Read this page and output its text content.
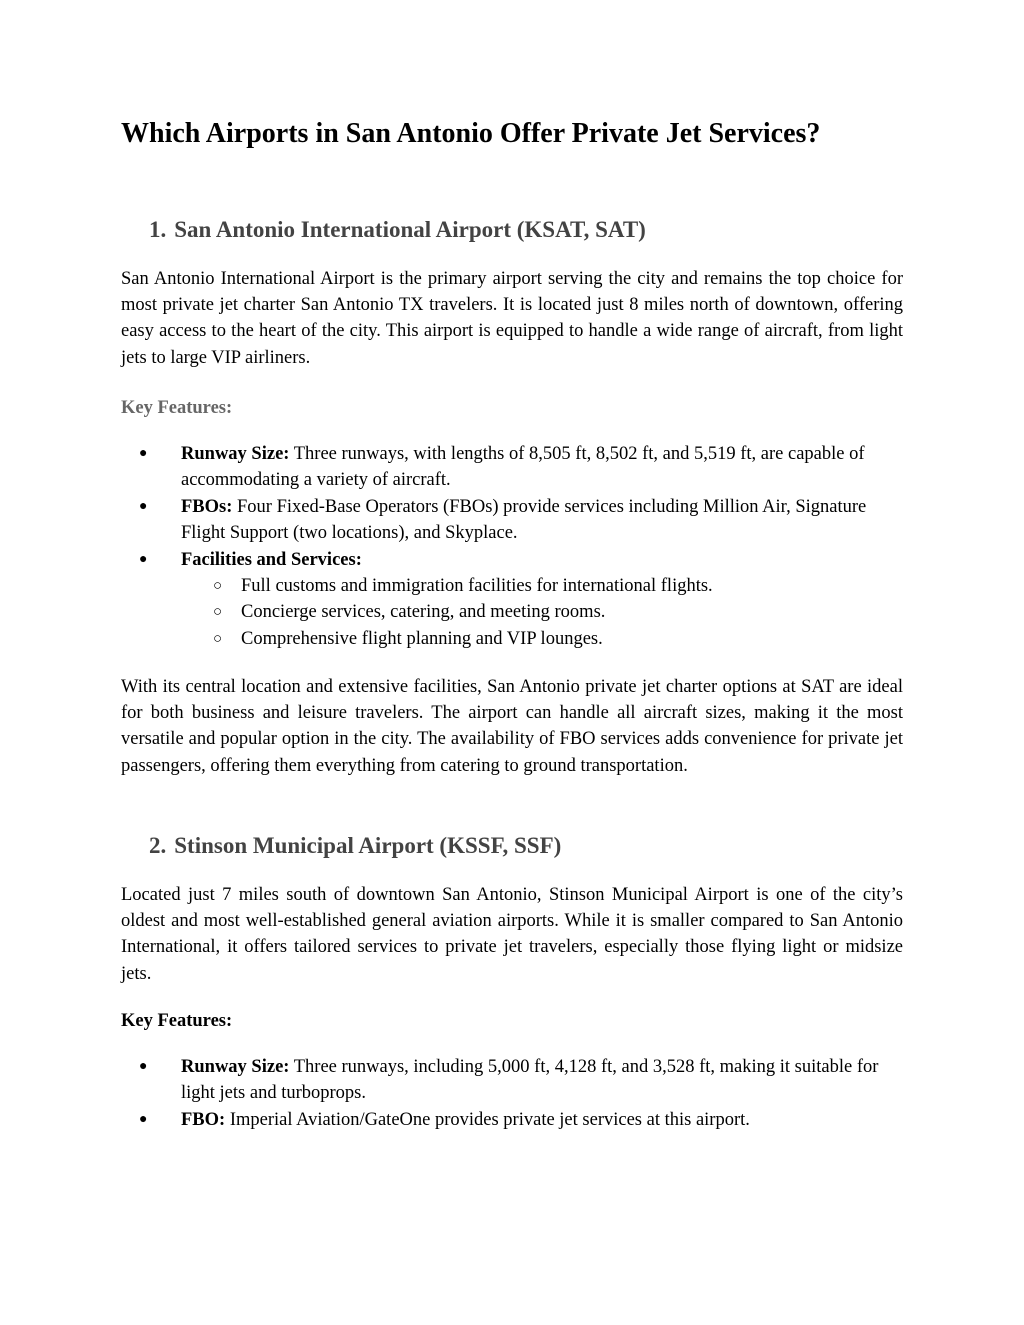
Which Airports in San Antonio Offer Private Jet Services?
1. San Antonio International Airport (KSAT, SAT)

San Antonio International Airport is the primary airport serving the city and remains the top choice for most private jet charter San Antonio TX travelers. It is located just 8 miles north of downtown, offering easy access to the heart of the city. This airport is equipped to handle a wide range of aircraft, from light jets to large VIP airliners.

Key Features:

● Runway Size: Three runways, with lengths of 8,505 ft, 8,502 ft, and 5,519 ft, are capable of accommodating a variety of aircraft.
● FBOs: Four Fixed-Base Operators (FBOs) provide services including Million Air, Signature Flight Support (two locations), and Skyplace.
● Facilities and Services:
○ Full customs and immigration facilities for international flights.
○ Concierge services, catering, and meeting rooms.
○ Comprehensive flight planning and VIP lounges.

With its central location and extensive facilities, San Antonio private jet charter options at SAT are ideal for both business and leisure travelers. The airport can handle all aircraft sizes, making it the most versatile and popular option in the city. The availability of FBO services adds convenience for private jet passengers, offering them everything from catering to ground transportation.

2. Stinson Municipal Airport (KSSF, SSF)

Located just 7 miles south of downtown San Antonio, Stinson Municipal Airport is one of the city’s oldest and most well-established general aviation airports. While it is smaller compared to San Antonio International, it offers tailored services to private jet travelers, especially those flying light or midsize jets.

Key Features:

● Runway Size: Three runways, including 5,000 ft, 4,128 ft, and 3,528 ft, making it suitable for light jets and turboprops.
● FBO: Imperial Aviation/GateOne provides private jet services at this airport.
